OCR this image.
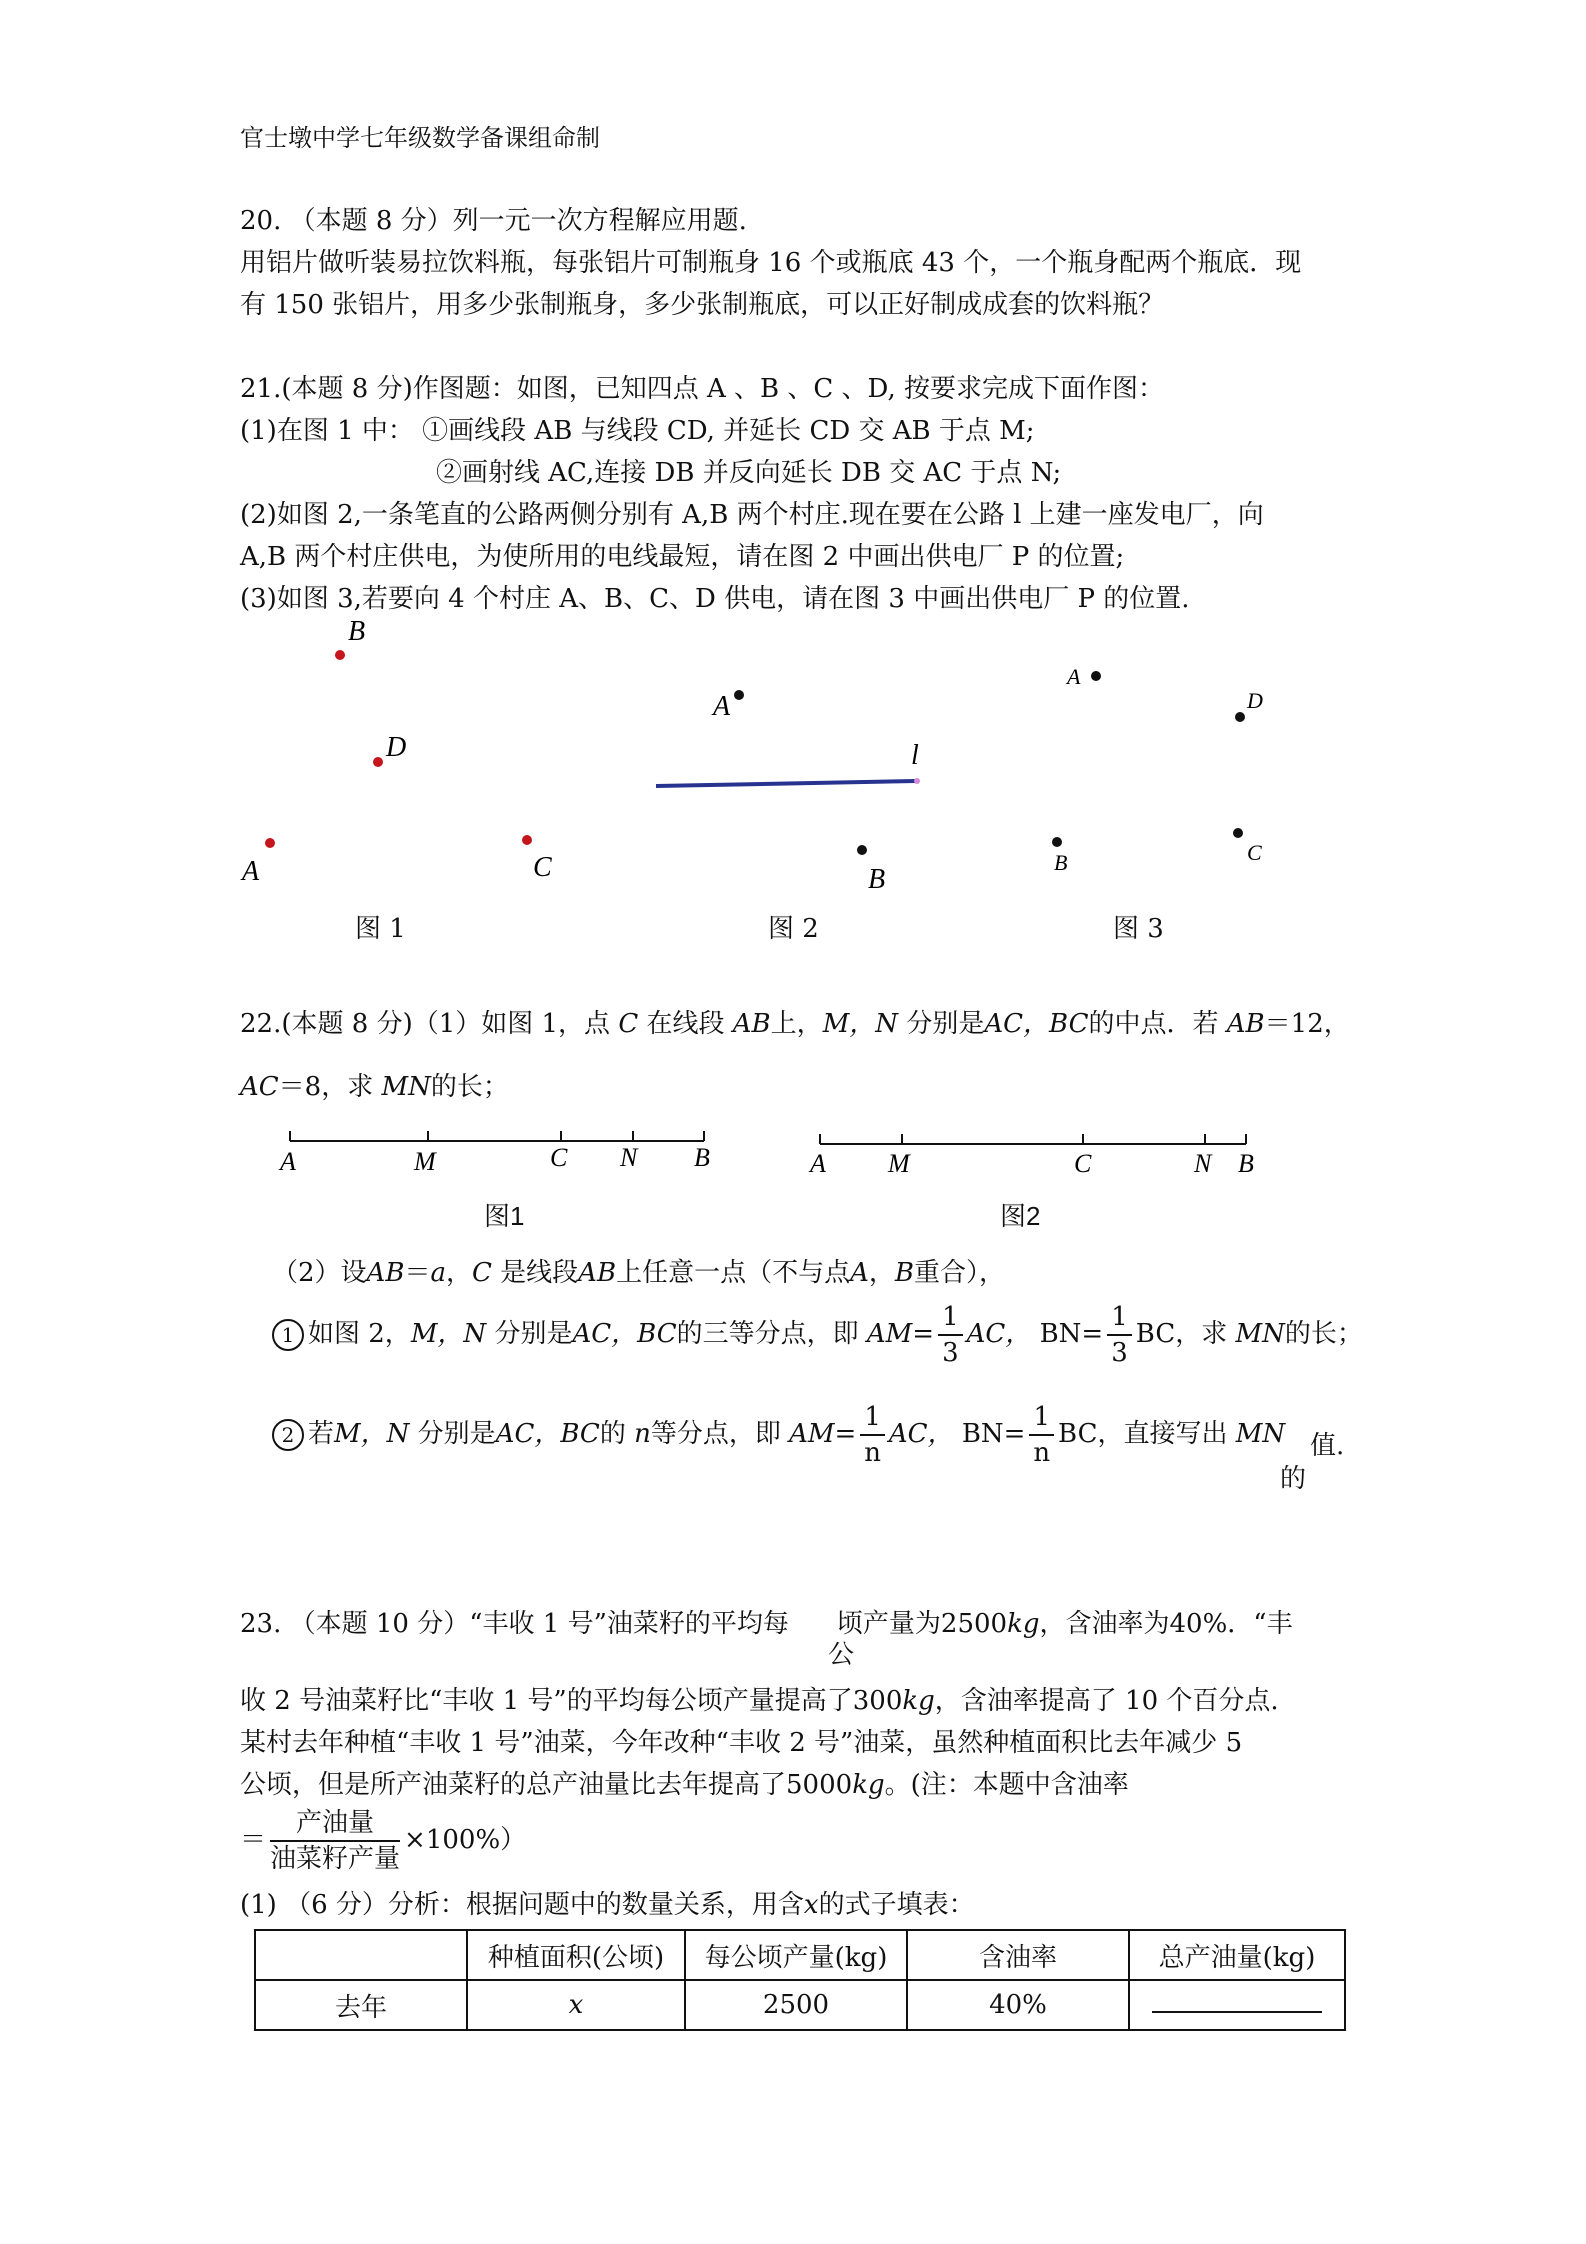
官士墩中学七年级数学备课组命制
20. （本题 8 分）列一元一次方程解应用题.
用铝片做听装易拉饮料瓶，每张铝片可制瓶身 16 个或瓶底 43 个，一个瓶身配两个瓶底．现
有 150 张铝片，用多少张制瓶身，多少张制瓶底，可以正好制成成套的饮料瓶？
21.(本题 8 分)作图题：如图，已知四点 A 、B 、C 、D, 按要求完成下面作图：
(1)在图 1 中： ①画线段 AB 与线段 CD, 并延长 CD 交 AB 于点 M;
②画射线 AC,连接 DB 并反向延长 DB 交 AC 于点 N;
(2)如图 2,一条笔直的公路两侧分别有 A,B 两个村庄.现在要在公路 l 上建一座发电厂，向
A,B 两个村庄供电，为使所用的电线最短，请在图 2 中画出供电厂 P 的位置;
(3)如图 3,若要向 4 个村庄 A、B、C、D 供电，请在图 3 中画出供电厂 P 的位置.
B
D
A	C
A
B
l
A
D
B	C
图 1	图 2	图 3
22.(本题 8 分)（1）如图 1，点 C 在线段 AB上，M，N 分别是AC，BC的中点．若 AB＝12，
AC＝8，求 MN的长；
A	M	C N B	A M	C	N B
图1	图2
（2）设AB＝a，C 是线段AB上任意一点（不与点A，B重合），
1 如图 2，M，N 分别是AC，BC的三等分点，即 $AM= \frac{1}{3}$ AC， $BN= \frac{1}{3}$ BC，求 MN的长；
2 若M，N 分别是AC，BC的 n等分点，即 $AM= \frac{1}{n}$ AC， $BN= \frac{1}{n}$ BC，直接写出 MN 值.
的
23. （本题 10 分）“丰收 1 号”油菜籽的平均每 顷产量为2500kg，含油率为40%．“丰
公
收 2 号油菜籽比“丰收 1 号”的平均每公顷产量提高了300kg，含油率提高了 10 个百分点.
某村去年种植“丰收 1 号”油菜，今年改种“丰收 2 号”油菜，虽然种植面积比去年减少 5
公顷，但是所产油菜籽的总产油量比去年提高了5000kg。(注：本题中含油率
＝ $\frac{\text{产油量}}{\text{油菜籽产量}} \times 100\%$）
(1) （6 分）分析：根据问题中的数量关系，用含x的式子填表：
	种植面积(公顷)	每公顷产量(kg)	含油率	总产油量(kg)
去年	x	2500	40%	
